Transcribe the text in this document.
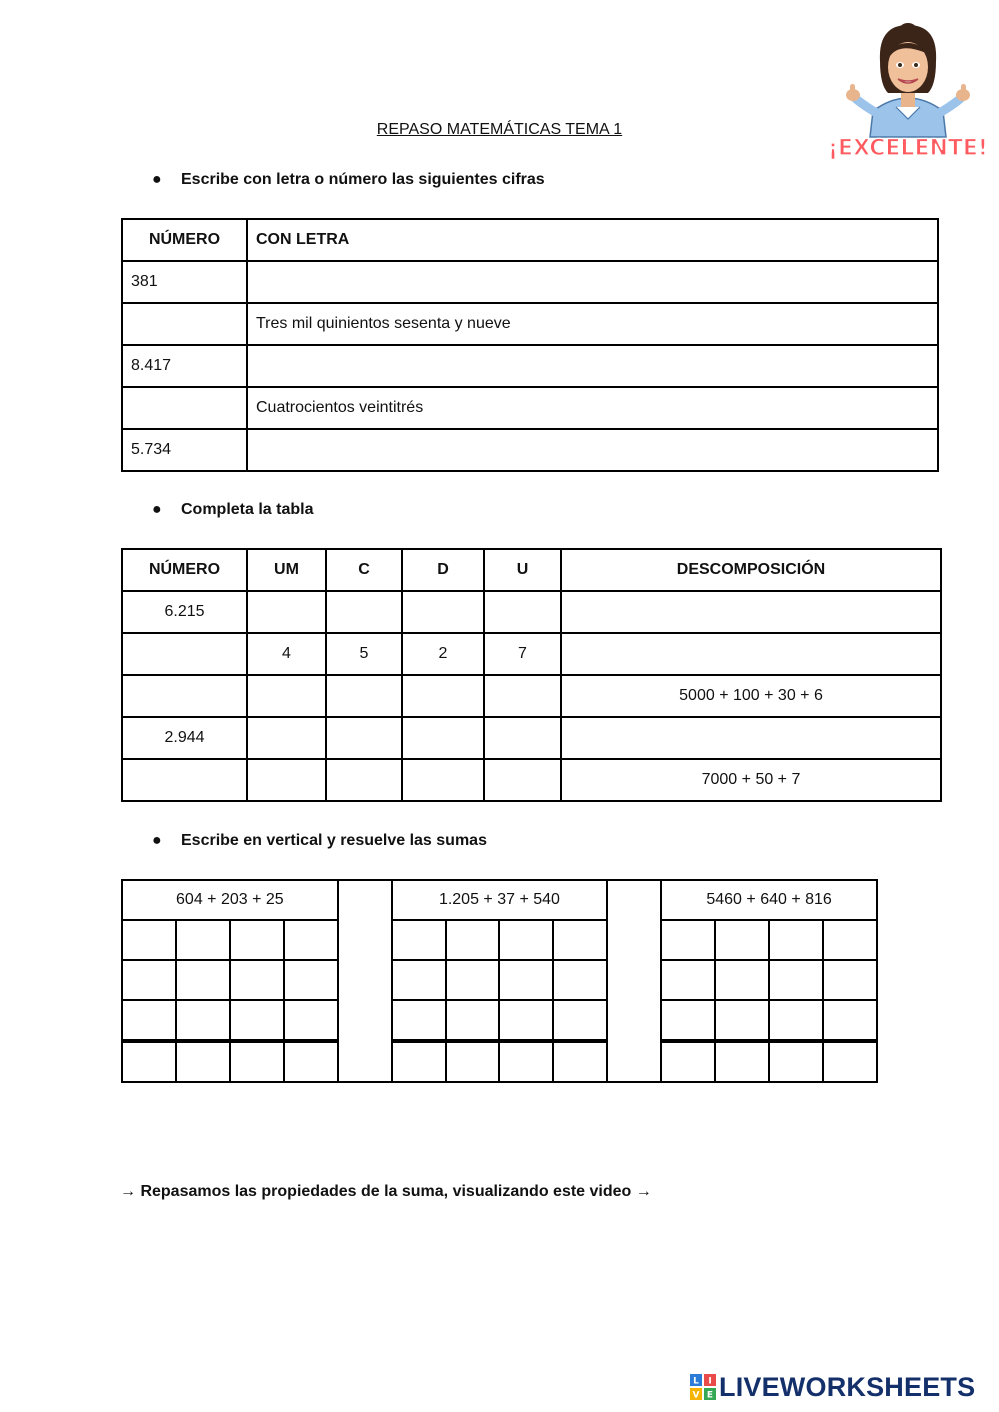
REPASO MATEMÁTICAS TEMA 1
¡EXCELENTE!
● Escribe con letra o número las siguientes cifras
NÚMERO	CON LETRA
381	
	Tres mil quinientos sesenta y nueve
8.417	
	Cuatrocientos veintitrés
5.734	
● Completa la tabla
NÚMERO	UM	C	D	U	DESCOMPOSICIÓN
6.215					
	4	5	2	7	
					5000 + 100 + 30 + 6
2.944					
					7000 + 50 + 7
● Escribe en vertical y resuelve las sumas
604 + 203 + 25					1.205 + 37 + 540					5460 + 640 + 816			

→ Repasamos las propiedades de la suma, visualizando este video →
L I
V E LIVEWORKSHEETS
